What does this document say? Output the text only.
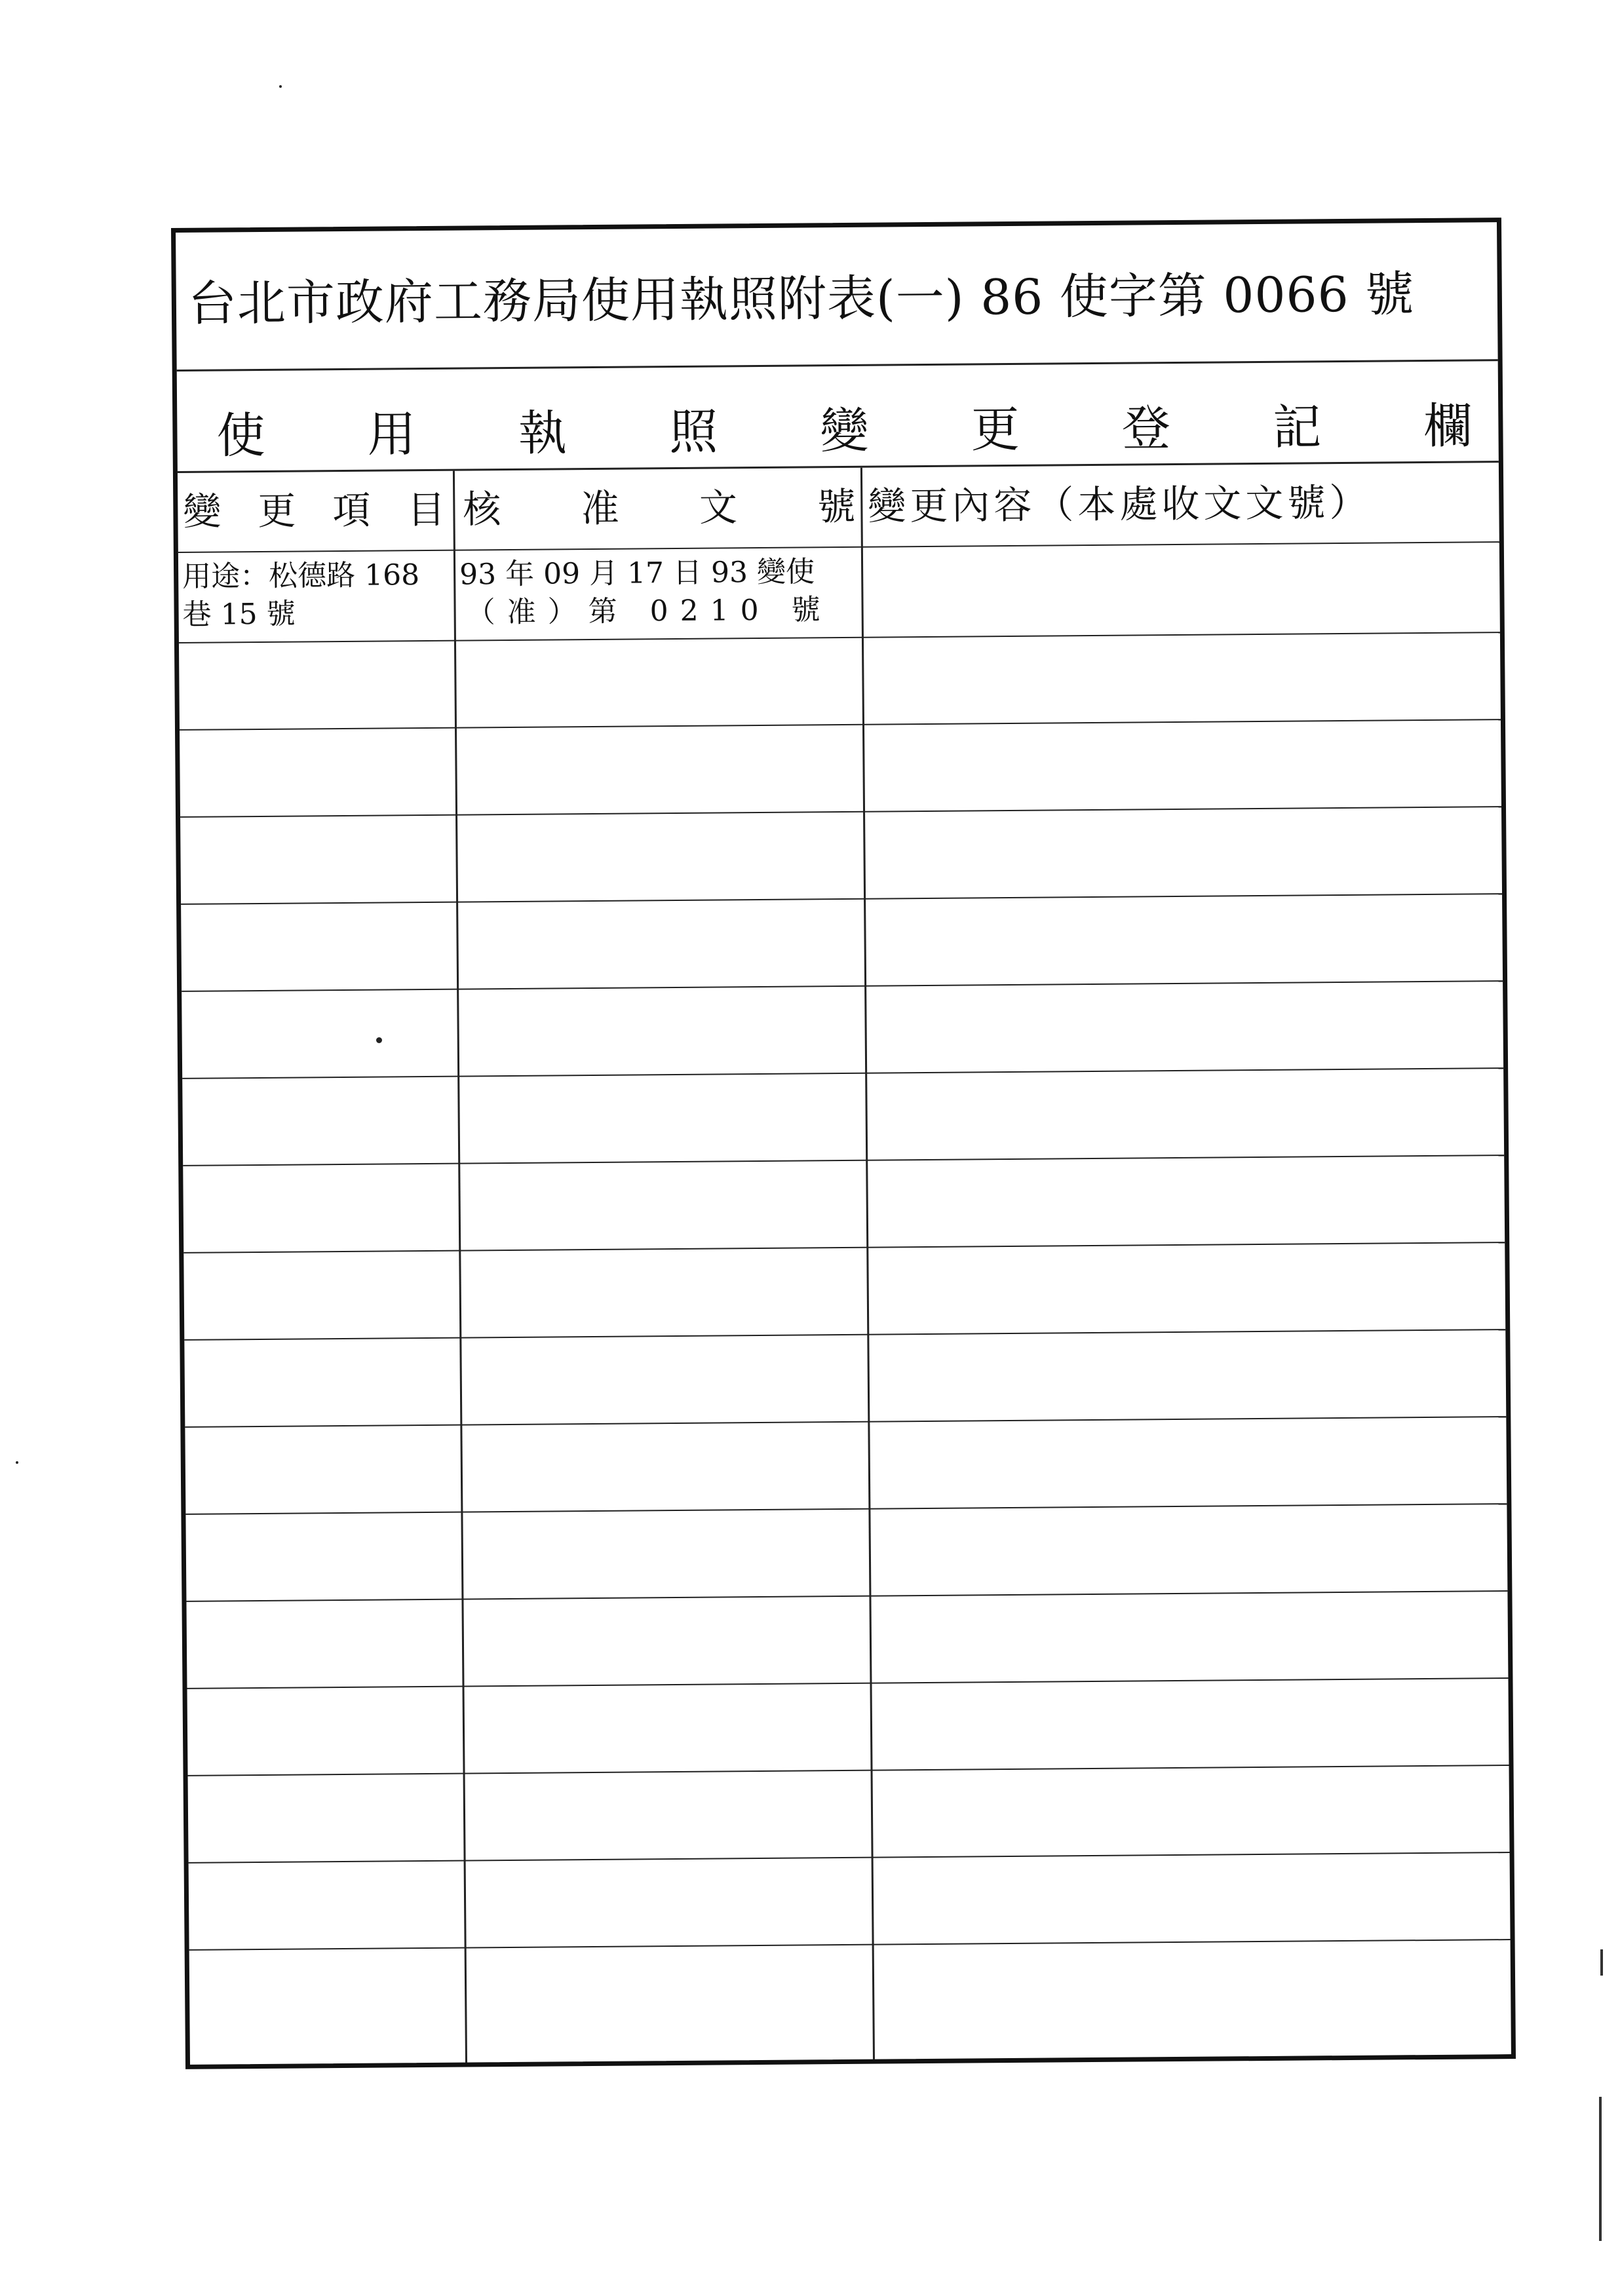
台北市政府工務局使用執照附表(一) 86 使字第 0066 號
使 用 執 照 變 更 登 記 欄
變 更 項 目 核 准 文 號 變更內容（本處收文文號）
用途：松德路 168
巷 15 號
93 年 09 月 17 日 93 變使
（准）第 0210 號
